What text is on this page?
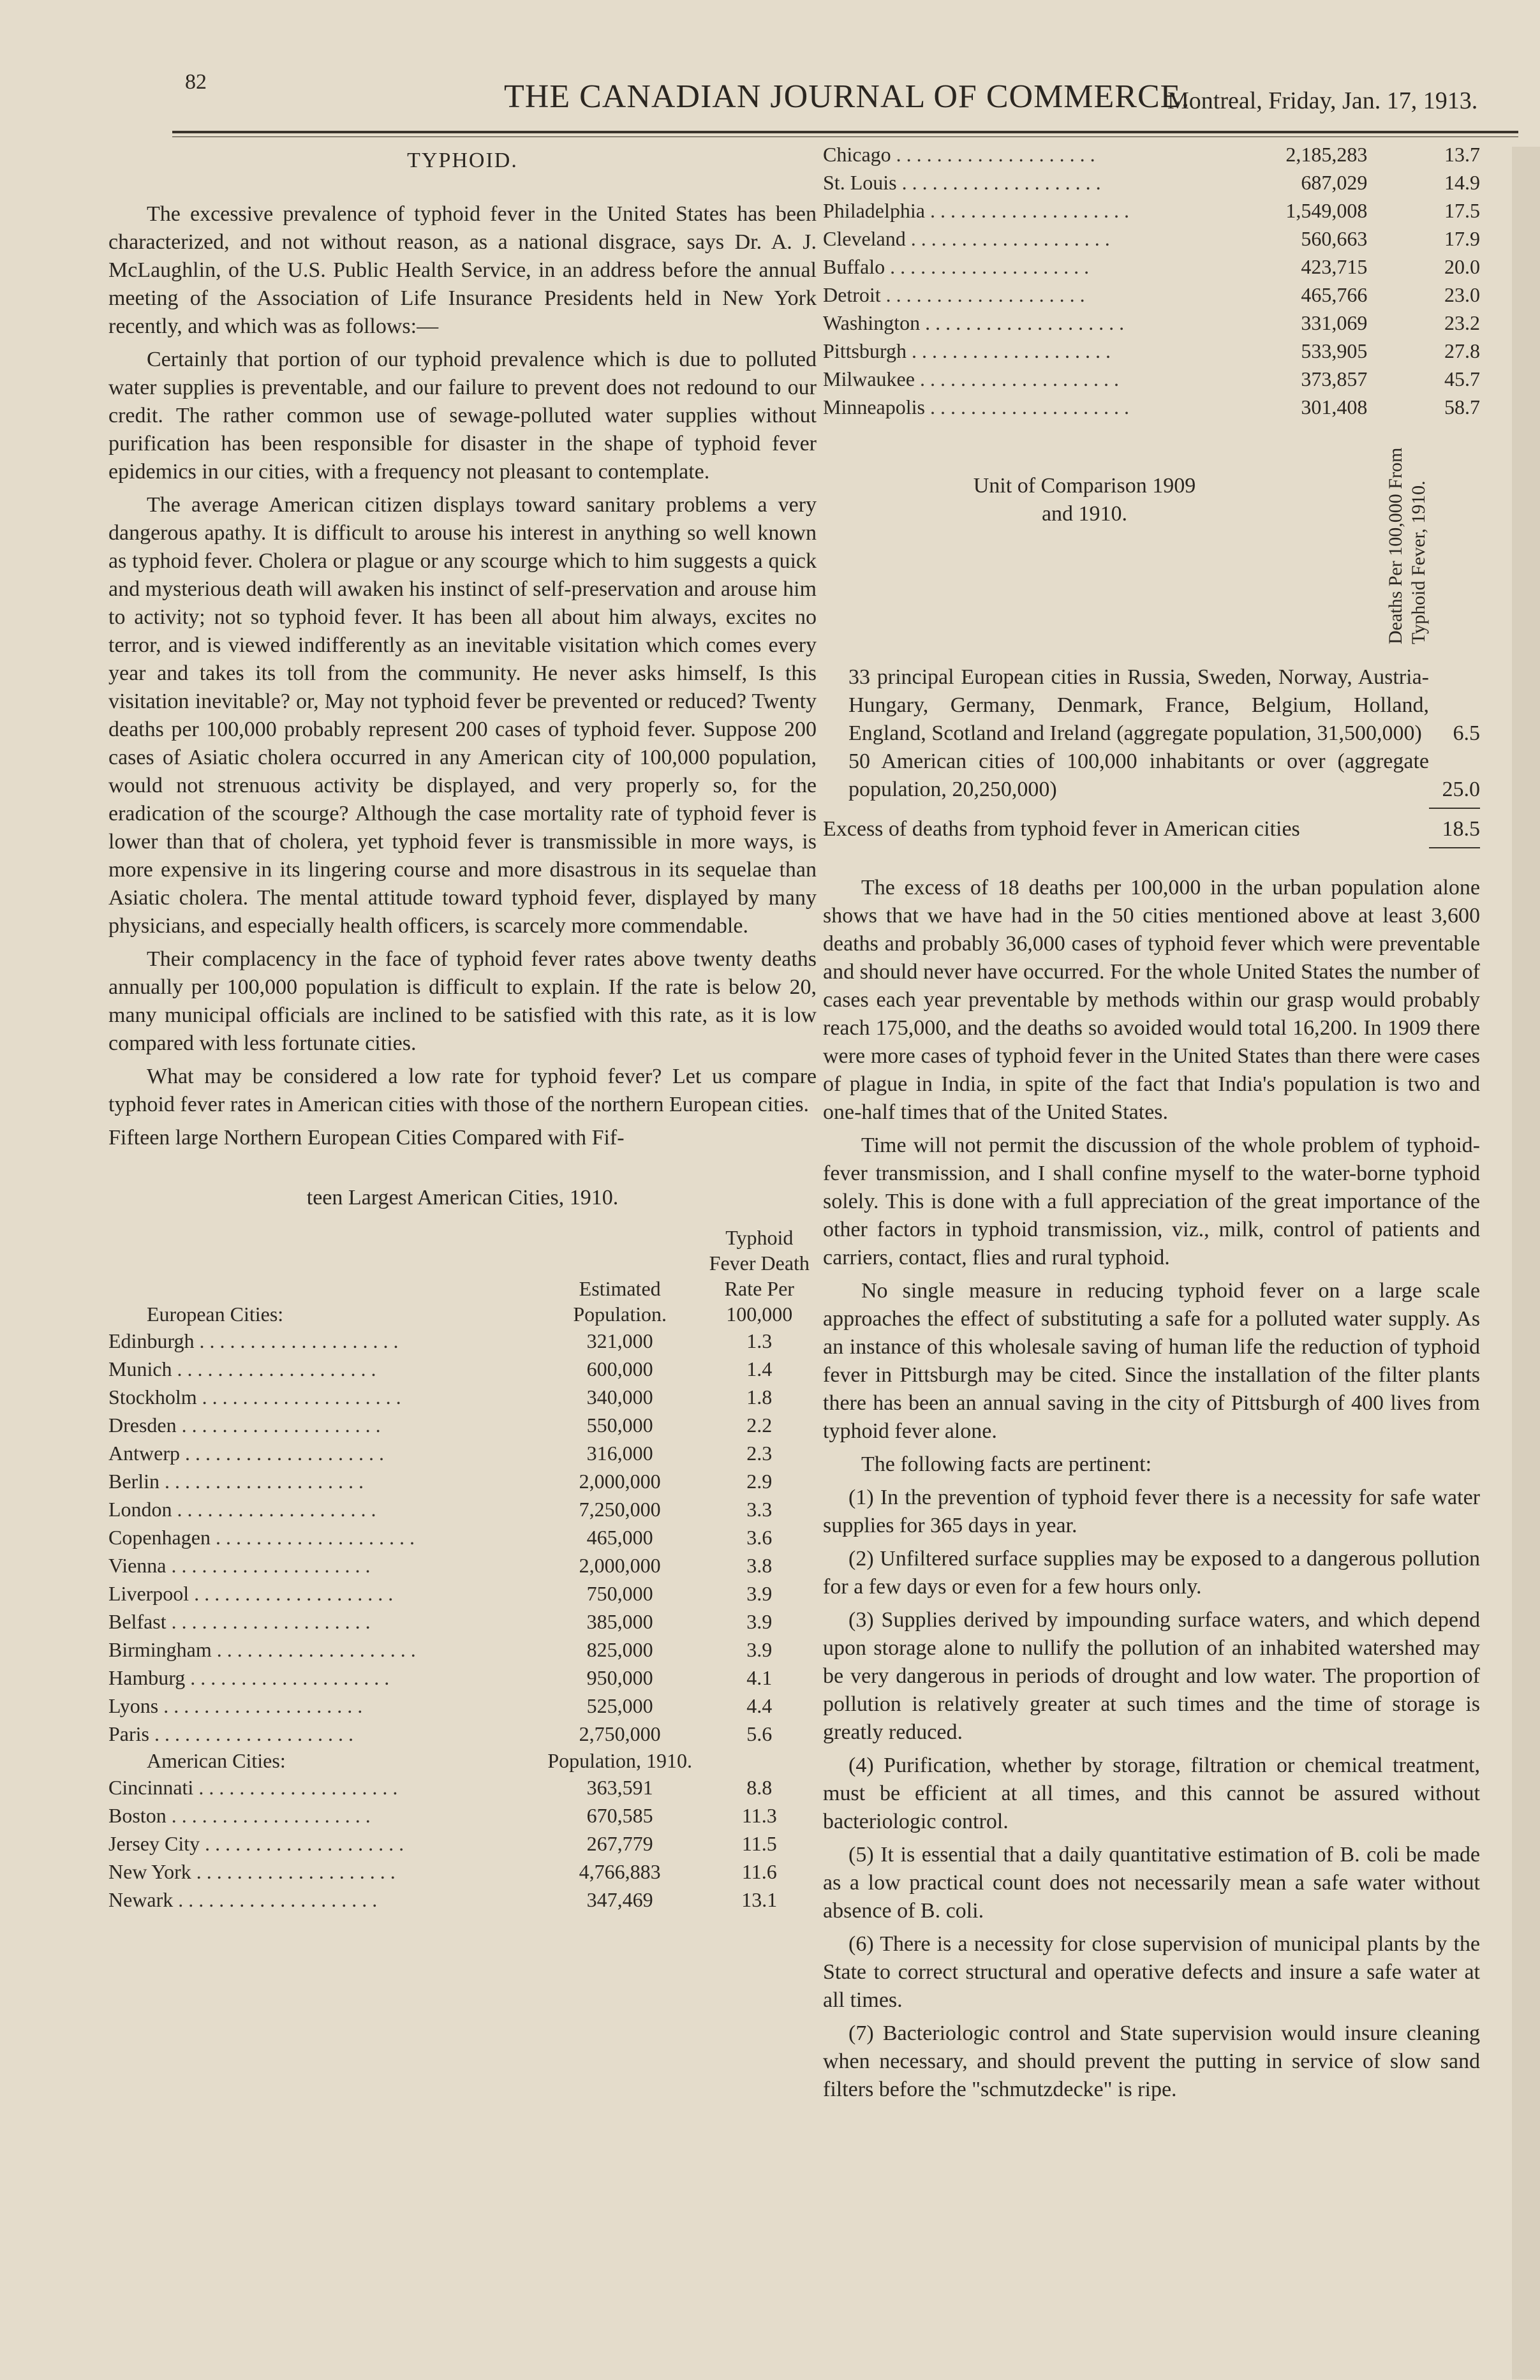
82	THE CANADIAN JOURNAL OF COMMERCE.
Montreal, Friday, Jan. 17, 1913.
TYPHOID.

The excessive prevalence of typhoid fever in the United States has been characterized, and not without reason, as a national disgrace, says Dr. A. J. McLaughlin, of the U.S. Public Health Service, in an address before the annual meeting of the Association of Life Insurance Presidents held in New York recently, and which was as follows:—

Certainly that portion of our typhoid prevalence which is due to polluted water supplies is preventable, and our failure to prevent does not redound to our credit. The rather common use of sewage-polluted water supplies without purification has been responsible for disaster in the shape of typhoid fever epidemics in our cities, with a frequency not pleasant to contemplate.

The average American citizen displays toward sanitary problems a very dangerous apathy. It is difficult to arouse his interest in anything so well known as typhoid fever. Cholera or plague or any scourge which to him suggests a quick and mysterious death will awaken his instinct of self-preservation and arouse him to activity; not so typhoid fever. It has been all about him always, excites no terror, and is viewed indifferently as an inevitable visitation which comes every year and takes its toll from the community. He never asks himself, Is this visitation inevitable? or, May not typhoid fever be prevented or reduced? Twenty deaths per 100,000 probably represent 200 cases of typhoid fever. Suppose 200 cases of Asiatic cholera occurred in any American city of 100,000 population, would not strenuous activity be displayed, and very properly so, for the eradication of the scourge? Although the case mortality rate of typhoid fever is lower than that of cholera, yet typhoid fever is transmissible in more ways, is more expensive in its lingering course and more disastrous in its sequelae than Asiatic cholera. The mental attitude toward typhoid fever, displayed by many physicians, and especially health officers, is scarcely more commendable.

Their complacency in the face of typhoid fever rates above twenty deaths annually per 100,000 population is difficult to explain. If the rate is below 20, many municipal officials are inclined to be satisfied with this rate, as it is low compared with less fortunate cities.

What may be considered a low rate for typhoid fever? Let us compare typhoid fever rates in American cities with those of the northern European cities.

Fifteen large Northern European Cities Compared with Fif-

teen Largest American Cities, 1910.
European Cities:	Estimated Population.	Typhoid Fever Death Rate Per 100,000
Edinburgh . . . . . . . . . . . . . . . . . . . .	321,000	1.3
Munich . . . . . . . . . . . . . . . . . . . .	600,000	1.4
Stockholm . . . . . . . . . . . . . . . . . . . .	340,000	1.8
Dresden . . . . . . . . . . . . . . . . . . . .	550,000	2.2
Antwerp . . . . . . . . . . . . . . . . . . . .	316,000	2.3
Berlin . . . . . . . . . . . . . . . . . . . .	2,000,000	2.9
London . . . . . . . . . . . . . . . . . . . .	7,250,000	3.3
Copenhagen . . . . . . . . . . . . . . . . . . . .	465,000	3.6
Vienna . . . . . . . . . . . . . . . . . . . .	2,000,000	3.8
Liverpool . . . . . . . . . . . . . . . . . . . .	750,000	3.9
Belfast . . . . . . . . . . . . . . . . . . . .	385,000	3.9
Birmingham . . . . . . . . . . . . . . . . . . . .	825,000	3.9
Hamburg . . . . . . . . . . . . . . . . . . . .	950,000	4.1
Lyons . . . . . . . . . . . . . . . . . . . .	525,000	4.4
Paris . . . . . . . . . . . . . . . . . . . .	2,750,000	5.6
American Cities:	Population, 1910.	
Cincinnati . . . . . . . . . . . . . . . . . . . .	363,591	8.8
Boston . . . . . . . . . . . . . . . . . . . .	670,585	11.3
Jersey City . . . . . . . . . . . . . . . . . . . .	267,779	11.5
New York . . . . . . . . . . . . . . . . . . . .	4,766,883	11.6
Newark . . . . . . . . . . . . . . . . . . . .	347,469	13.1
Chicago . . . . . . . . . . . . . . . . . . . .	2,185,283	13.7
St. Louis . . . . . . . . . . . . . . . . . . . .	687,029	14.9
Philadelphia . . . . . . . . . . . . . . . . . . . .	1,549,008	17.5
Cleveland . . . . . . . . . . . . . . . . . . . .	560,663	17.9
Buffalo . . . . . . . . . . . . . . . . . . . .	423,715	20.0
Detroit . . . . . . . . . . . . . . . . . . . .	465,766	23.0
Washington . . . . . . . . . . . . . . . . . . . .	331,069	23.2
Pittsburgh . . . . . . . . . . . . . . . . . . . .	533,905	27.8
Milwaukee . . . . . . . . . . . . . . . . . . . .	373,857	45.7
Minneapolis . . . . . . . . . . . . . . . . . . . .	301,408	58.7
Unit of Comparison 1909 and 1910.	Deaths Per 100,000 From Typhoid Fever, 1910.
33 principal European cities in Russia, Sweden, Norway, Austria-Hungary, Germany, Denmark, France, Belgium, Holland, England, Scotland and Ireland (aggregate population, 31,500,000) 6.5
50 American cities of 100,000 inhabitants or over (aggregate population, 20,250,000)	25.0
Excess of deaths from typhoid fever in American cities	18.5

The excess of 18 deaths per 100,000 in the urban population alone shows that we have had in the 50 cities mentioned above at least 3,600 deaths and probably 36,000 cases of typhoid fever which were preventable and should never have occurred. For the whole United States the number of cases each year preventable by methods within our grasp would probably reach 175,000, and the deaths so avoided would total 16,200. In 1909 there were more cases of typhoid fever in the United States than there were cases of plague in India, in spite of the fact that India's population is two and one-half times that of the United States.

Time will not permit the discussion of the whole problem of typhoid-fever transmission, and I shall confine myself to the water-borne typhoid solely. This is done with a full appreciation of the great importance of the other factors in typhoid transmission, viz., milk, control of patients and carriers, contact, flies and rural typhoid.

No single measure in reducing typhoid fever on a large scale approaches the effect of substituting a safe for a polluted water supply. As an instance of this wholesale saving of human life the reduction of typhoid fever in Pittsburgh may be cited. Since the installation of the filter plants there has been an annual saving in the city of Pittsburgh of 400 lives from typhoid fever alone.

The following facts are pertinent:

(1) In the prevention of typhoid fever there is a necessity for safe water supplies for 365 days in year.

(2) Unfiltered surface supplies may be exposed to a dangerous pollution for a few days or even for a few hours only.

(3) Supplies derived by impounding surface waters, and which depend upon storage alone to nullify the pollution of an inhabited watershed may be very dangerous in periods of drought and low water. The proportion of pollution is relatively greater at such times and the time of storage is greatly reduced.

(4) Purification, whether by storage, filtration or chemical treatment, must be efficient at all times, and this cannot be assured without bacteriologic control.

(5) It is essential that a daily quantitative estimation of B. coli be made as a low practical count does not necessarily mean a safe water without absence of B. coli.

(6) There is a necessity for close supervision of municipal plants by the State to correct structural and operative defects and insure a safe water at all times.

(7) Bacteriologic control and State supervision would insure cleaning when necessary, and should prevent the putting in service of slow sand filters before the "schmutzdecke" is ripe.
